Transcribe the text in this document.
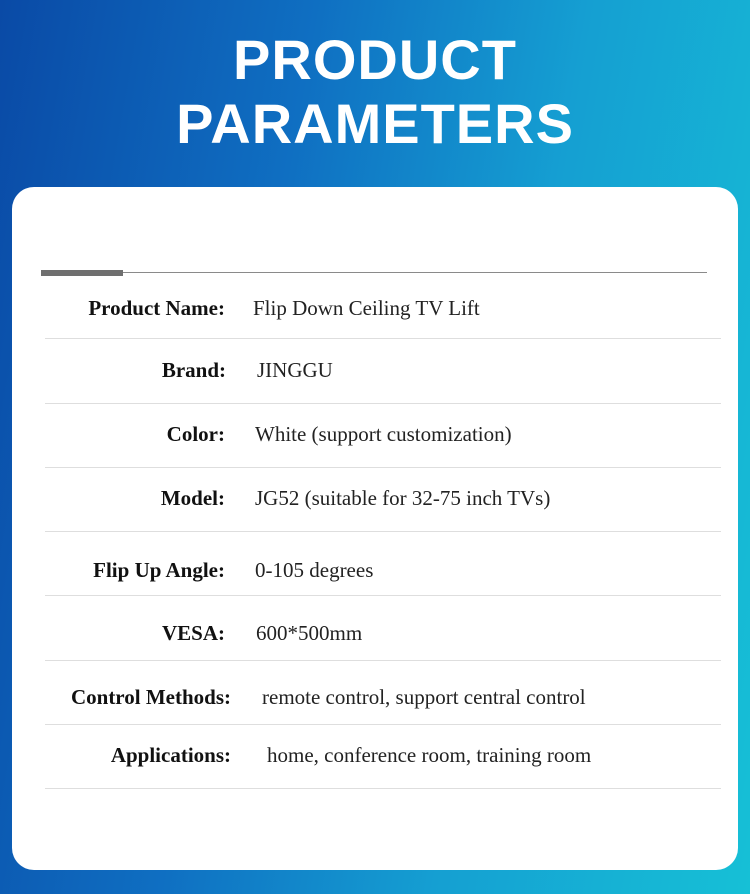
PRODUCT
PARAMETERS
Product Name: Flip Down Ceiling TV Lift
Brand: JINGGU
Color: White (support customization)
Model: JG52 (suitable for 32-75 inch TVs)
Flip Up Angle: 0-105 degrees
VESA: 600*500mm
Control Methods: remote control, support central control
Applications: home, conference room, training room
